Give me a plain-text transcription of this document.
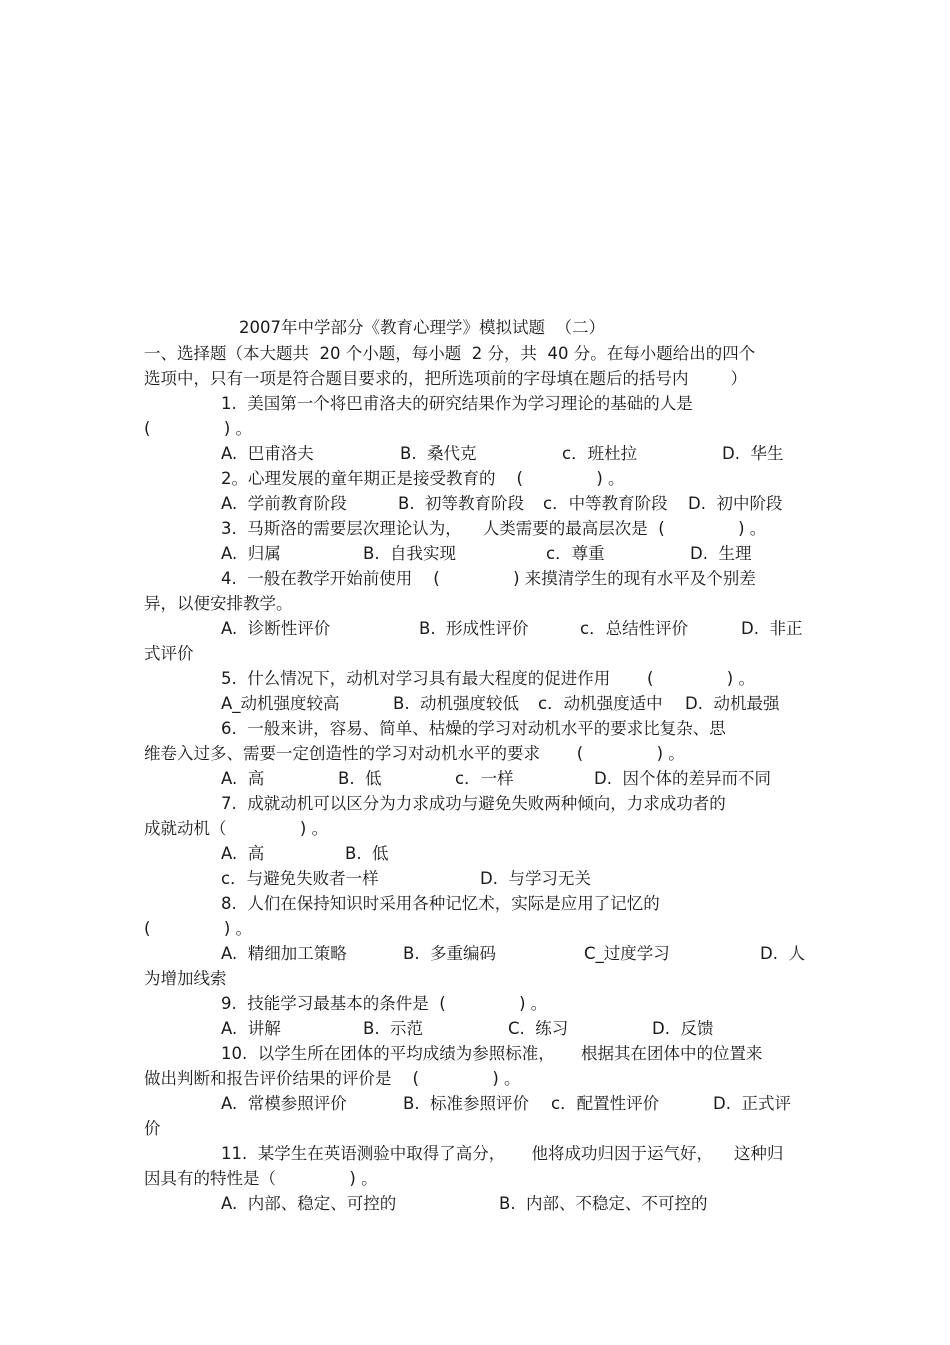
2007年中学部分《教育心理学》模拟试题  （二）
一、选择题（本大题共  20 个小题，每小题  2 分，共  40 分。在每小题给出的四个
选项中，只有一项是符合题目要求的，把所选项前的字母填在题后的括号内        ）
1.  美国第一个将巴甫洛夫的研究结果作为学习理论的基础的人是
(              ) 。
A.  巴甫洛夫	B.  桑代克	c．班杜拉	D.  华生
2。心理发展的童年期正是接受教育的    (              ) 。
A.  学前教育阶段	B.  初等教育阶段 c．中等教育阶段 D.  初中阶段
3.  马斯洛的需要层次理论认为，    人类需要的最高层次是  (              ) 。
A.  归属	B.  自我实现	c．尊重	D.  生理
4.  一般在教学开始前使用    (              ) 来摸清学生的现有水平及个别差
异，以便安排教学。
A.  诊断性评价	B.  形成性评价	c．总结性评价	D.  非正
式评价
5.  什么情况下，动机对学习具有最大程度的促进作用       (              ) 。
A_动机强度较高	B.  动机强度较低 c．动机强度适中 D.  动机最强
6.  一般来讲，容易、简单、枯燥的学习对动机水平的要求比复杂、思
维卷入过多、需要一定创造性的学习对动机水平的要求       (              ) 。
A.  高	B.  低	c．一样	D.  因个体的差异而不同
7.  成就动机可以区分为力求成功与避免失败两种倾向，力求成功者的
成就动机（              ) 。
A.  高	B.  低
c．与避免失败者一样	D.  与学习无关
8.  人们在保持知识时采用各种记忆术，实际是应用了记忆的
(              ) 。
A.  精细加工策略	B.  多重编码	C_过度学习	D.  人
为增加线索
9.  技能学习最基本的条件是  (              ) 。
A.  讲解	B.  示范	C.  练习	D.  反馈
10.  以学生所在团体的平均成绩为参照标准，     根据其在团体中的位置来
做出判断和报告评价结果的评价是    (              ) 。
A.  常模参照评价	B.  标准参照评价 c．配置性评价	D.  正式评
价
11.  某学生在英语测验中取得了高分，     他将成功归因于运气好，    这种归
因具有的特性是（              ) 。
A.  内部、稳定、可控的	B.  内部、不稳定、不可控的
